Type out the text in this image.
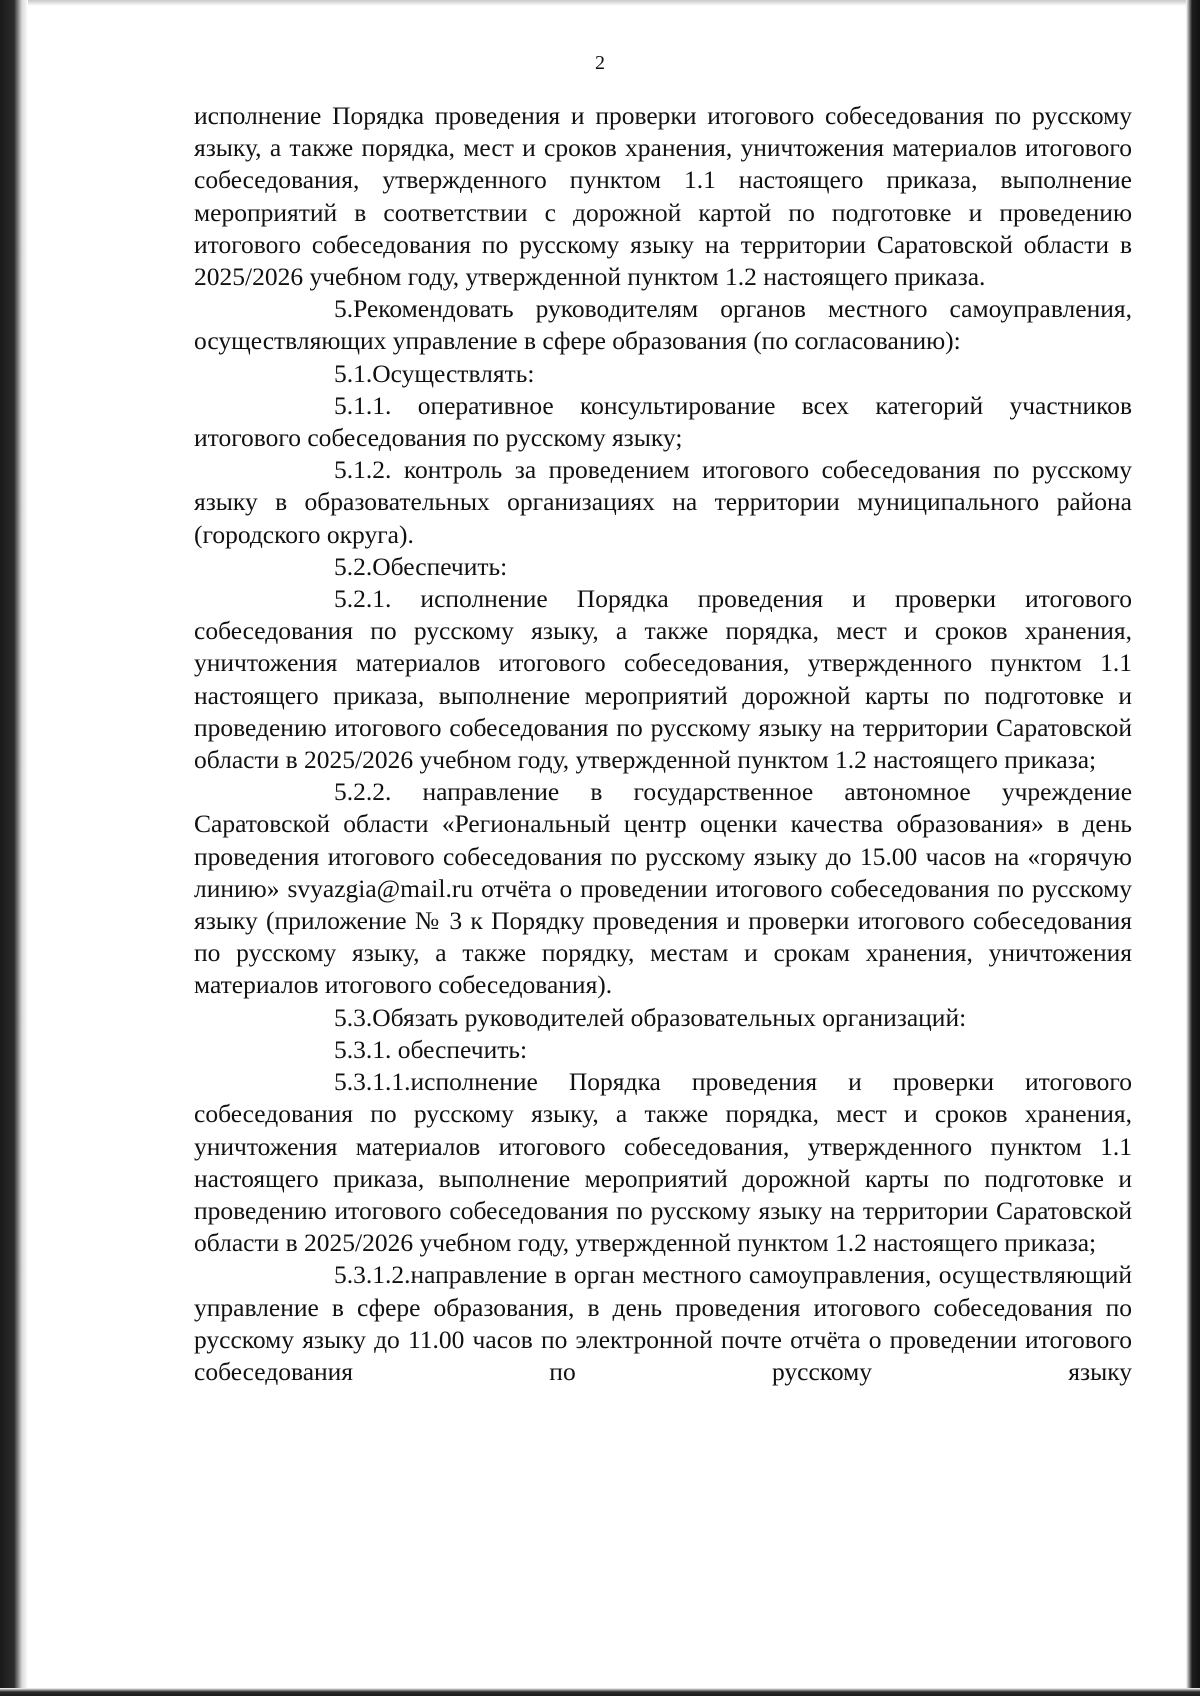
2

исполнение Порядка проведения и проверки итогового собеседования по русскому языку, а также порядка, мест и сроков хранения, уничтожения материалов итогового собеседования, утвержденного пунктом 1.1 настоящего приказа, выполнение мероприятий в соответствии с дорожной картой по подготовке и проведению итогового собеседования по русскому языку на территории Саратовской области в 2025/2026 учебном году, утвержденной пунктом 1.2 настоящего приказа.

5.Рекомендовать руководителям органов местного самоуправления, осуществляющих управление в сфере образования (по согласованию):

5.1.Осуществлять:

5.1.1. оперативное консультирование всех категорий участников итогового собеседования по русскому языку;

5.1.2. контроль за проведением итогового собеседования по русскому языку в образовательных организациях на территории муниципального района (городского округа).

5.2.Обеспечить:

5.2.1. исполнение Порядка проведения и проверки итогового собеседования по русскому языку, а также порядка, мест и сроков хранения, уничтожения материалов итогового собеседования, утвержденного пунктом 1.1 настоящего приказа, выполнение мероприятий дорожной карты по подготовке и проведению итогового собеседования по русскому языку на территории Саратовской области в 2025/2026 учебном году, утвержденной пунктом 1.2 настоящего приказа;

5.2.2. направление в государственное автономное учреждение Саратовской области «Региональный центр оценки качества образования» в день проведения итогового собеседования по русскому языку до 15.00 часов на «горячую линию» svyazgia@mail.ru отчёта о проведении итогового собеседования по русскому языку (приложение № 3 к Порядку проведения и проверки итогового собеседования по русскому языку, а также порядку, местам и срокам хранения, уничтожения материалов итогового собеседования).

5.3.Обязать руководителей образовательных организаций:

5.3.1. обеспечить:

5.3.1.1.исполнение Порядка проведения и проверки итогового собеседования по русскому языку, а также порядка, мест и сроков хранения, уничтожения материалов итогового собеседования, утвержденного пунктом 1.1 настоящего приказа, выполнение мероприятий дорожной карты по подготовке и проведению итогового собеседования по русскому языку на территории Саратовской области в 2025/2026 учебном году, утвержденной пунктом 1.2 настоящего приказа;

5.3.1.2.направление в орган местного самоуправления, осуществляющий управление в сфере образования, в день проведения итогового собеседования по русскому языку до 11.00 часов по электронной почте отчёта о проведении итогового собеседования по русскому языку
